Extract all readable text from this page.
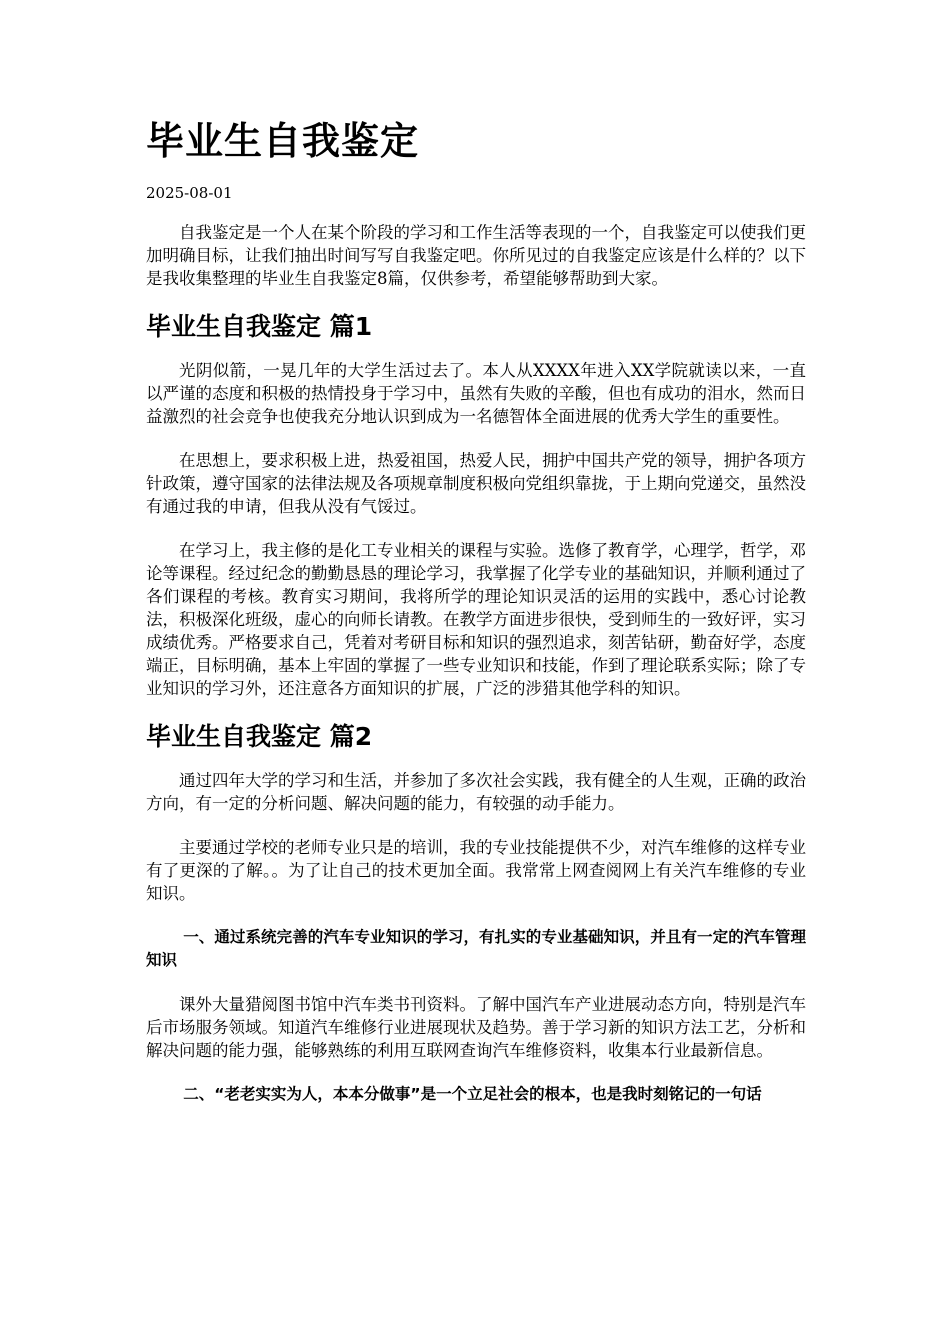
毕业生自我鉴定
2025-08-01

自我鉴定是一个人在某个阶段的学习和工作生活等表现的一个，自我鉴定可以使我们更加明确目标，让我们抽出时间写写自我鉴定吧。你所见过的自我鉴定应该是什么样的？以下是我收集整理的毕业生自我鉴定8篇，仅供参考，希望能够帮助到大家。

毕业生自我鉴定 篇1

光阴似箭，一晃几年的大学生活过去了。本人从XXXX年进入XX学院就读以来，一直以严谨的态度和积极的热情投身于学习中，虽然有失败的辛酸，但也有成功的泪水，然而日益激烈的社会竞争也使我充分地认识到成为一名德智体全面进展的优秀大学生的重要性。

在思想上，要求积极上进，热爱祖国，热爱人民，拥护中国共产党的领导，拥护各项方针政策，遵守国家的法律法规及各项规章制度积极向党组织靠拢，于上期向党递交，虽然没有通过我的申请，但我从没有气馁过。

在学习上，我主修的是化工专业相关的课程与实验。选修了教育学，心理学，哲学，邓论等课程。经过纪念的勤勤恳恳的理论学习，我掌握了化学专业的基础知识，并顺利通过了各们课程的考核。教育实习期间，我将所学的理论知识灵活的运用的实践中，悉心讨论教法，积极深化班级，虚心的向师长请教。在教学方面进步很快，受到师生的一致好评，实习成绩优秀。严格要求自己，凭着对考研目标和知识的强烈追求，刻苦钻研，勤奋好学，态度端正，目标明确，基本上牢固的掌握了一些专业知识和技能，作到了理论联系实际；除了专业知识的学习外，还注意各方面知识的扩展，广泛的涉猎其他学科的知识。

毕业生自我鉴定 篇2

通过四年大学的学习和生活，并参加了多次社会实践，我有健全的人生观，正确的政治方向，有一定的分析问题、解决问题的能力，有较强的动手能力。

主要通过学校的老师专业只是的培训，我的专业技能提供不少，对汽车维修的这样专业有了更深的了解。。为了让自己的技术更加全面。我常常上网查阅网上有关汽车维修的专业知识。

一、通过系统完善的汽车专业知识的学习，有扎实的专业基础知识，并且有一定的汽车管理知识

课外大量猎阅图书馆中汽车类书刊资料。了解中国汽车产业进展动态方向，特别是汽车后市场服务领域。知道汽车维修行业进展现状及趋势。善于学习新的知识方法工艺，分析和解决问题的能力强，能够熟练的利用互联网查询汽车维修资料，收集本行业最新信息。

二、“老老实实为人，本本分做事”是一个立足社会的根本，也是我时刻铭记的一句话
